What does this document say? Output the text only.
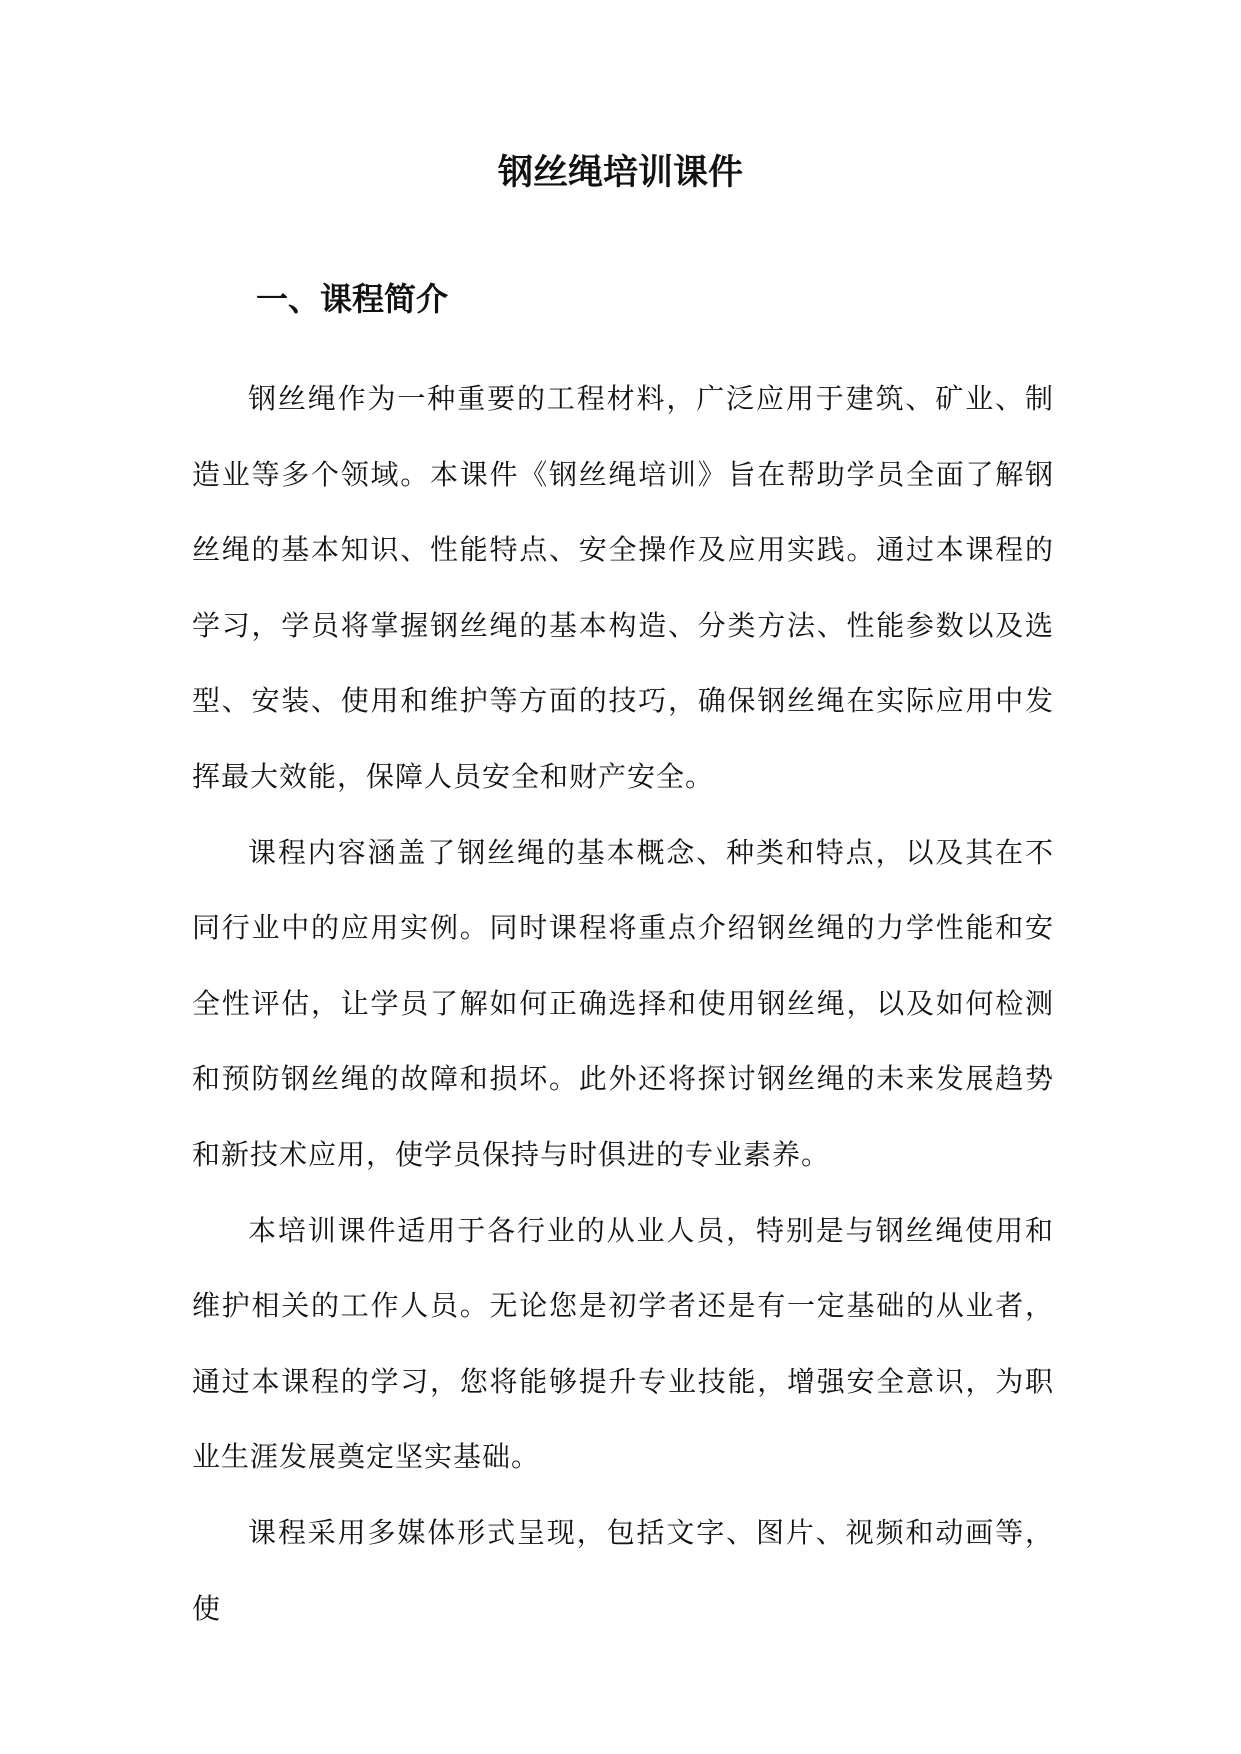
钢丝绳培训课件
一、课程简介

钢丝绳作为一种重要的工程材料，广泛应用于建筑、矿业、制造业等多个领域。本课件《钢丝绳培训》旨在帮助学员全面了解钢丝绳的基本知识、性能特点、安全操作及应用实践。通过本课程的学习，学员将掌握钢丝绳的基本构造、分类方法、性能参数以及选型、安装、使用和维护等方面的技巧，确保钢丝绳在实际应用中发挥最大效能，保障人员安全和财产安全。

课程内容涵盖了钢丝绳的基本概念、种类和特点，以及其在不同行业中的应用实例。同时课程将重点介绍钢丝绳的力学性能和安全性评估，让学员了解如何正确选择和使用钢丝绳，以及如何检测和预防钢丝绳的故障和损坏。此外还将探讨钢丝绳的未来发展趋势和新技术应用，使学员保持与时俱进的专业素养。

本培训课件适用于各行业的从业人员，特别是与钢丝绳使用和维护相关的工作人员。无论您是初学者还是有一定基础的从业者，通过本课程的学习，您将能够提升专业技能，增强安全意识，为职业生涯发展奠定坚实基础。

课程采用多媒体形式呈现，包括文字、图片、视频和动画等，使
